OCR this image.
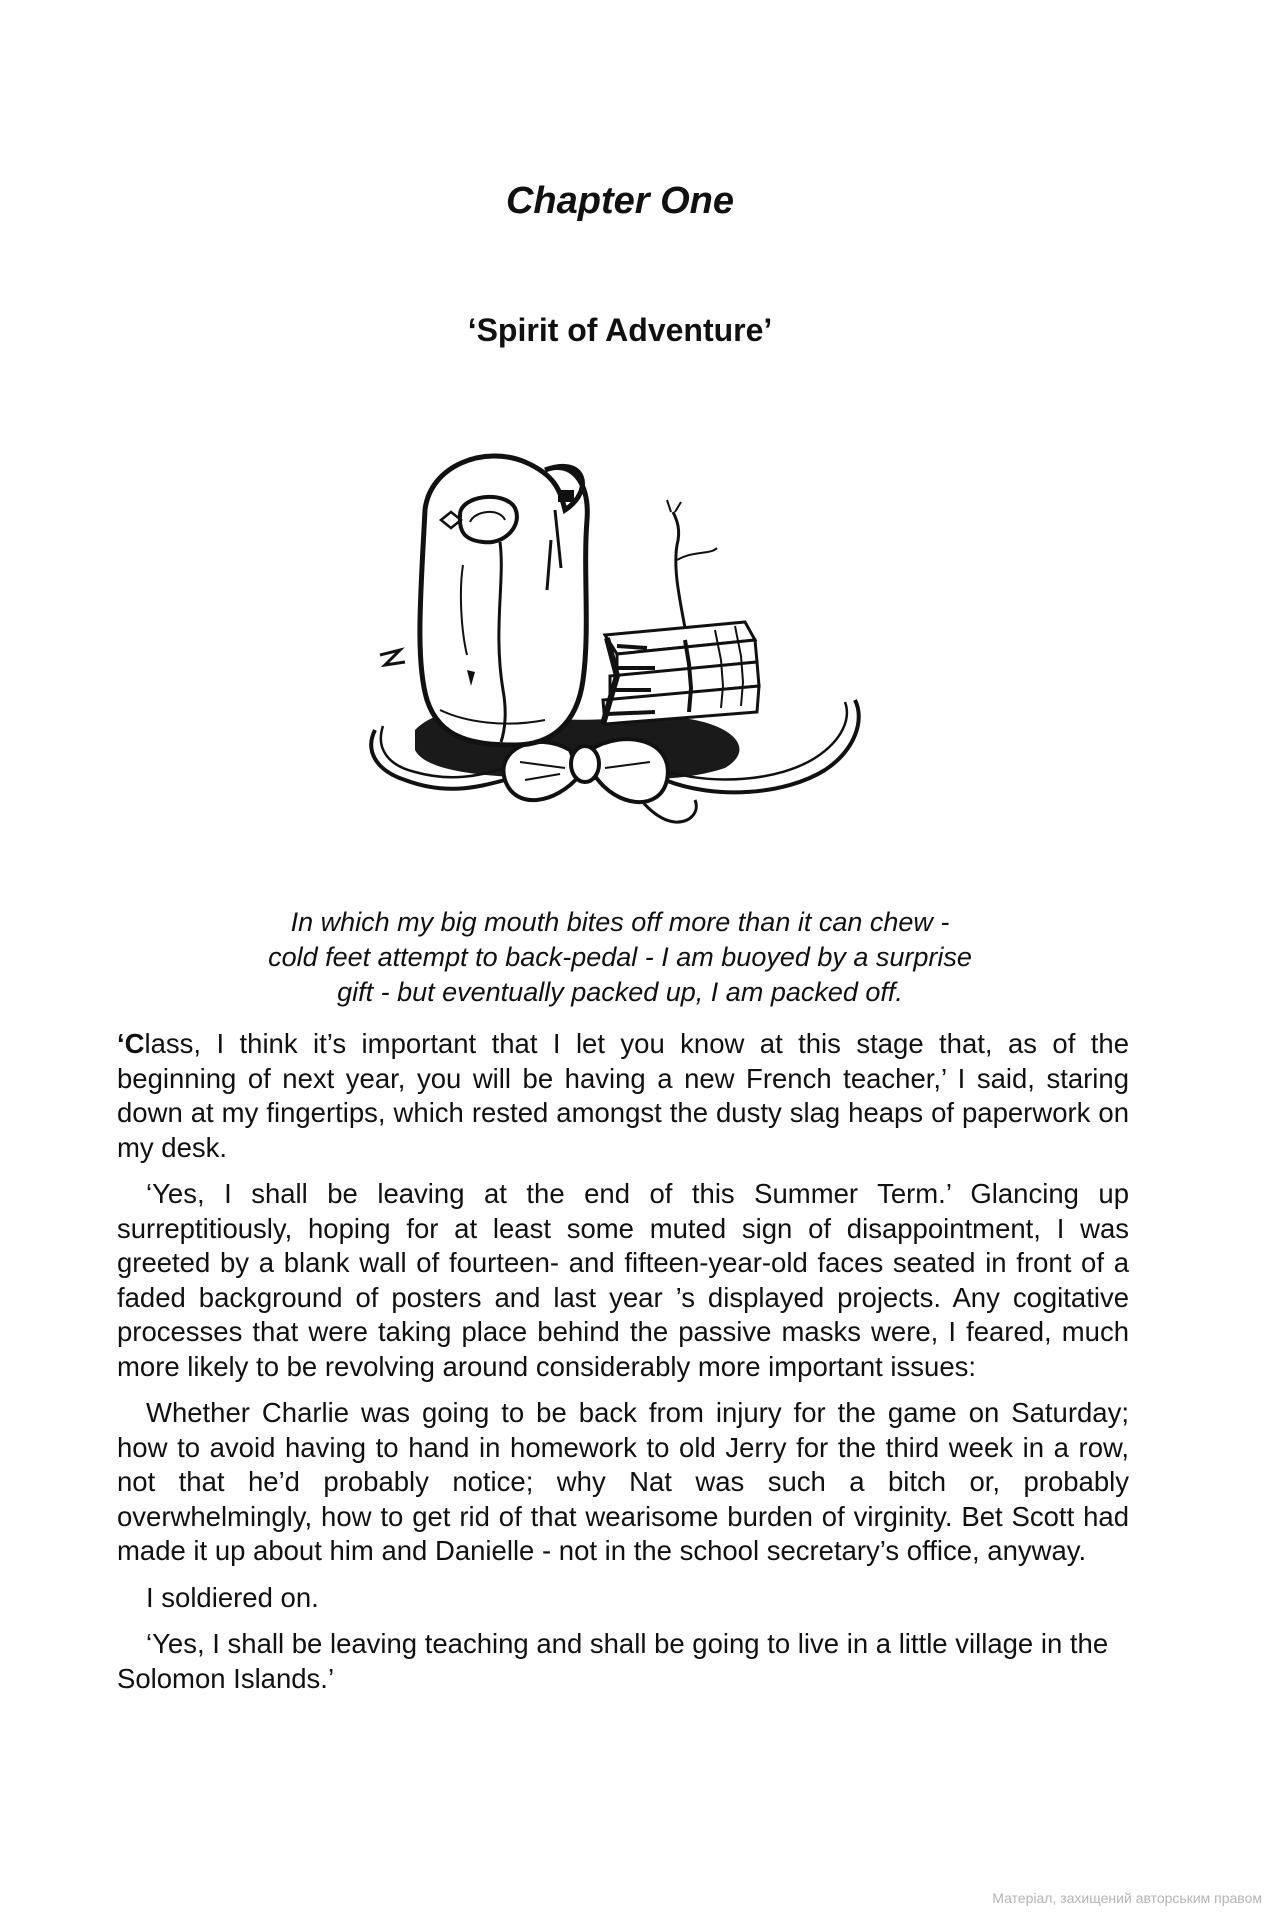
Chapter One
‘Spirit of Adventure’
In which my big mouth bites off more than it can chew -
cold feet attempt to back-pedal - I am buoyed by a surprise
gift - but eventually packed up, I am packed off.

‘Class, I think it’s important that I let you know at this stage that, as of the beginning of next year, you will be having a new French teacher,’ I said, staring down at my fingertips, which rested amongst the dusty slag heaps of paperwork on my desk.

‘Yes, I shall be leaving at the end of this Summer Term.’ Glancing up surreptitiously, hoping for at least some muted sign of disappointment, I was greeted by a blank wall of fourteen- and fifteen-year-old faces seated in front of a faded background of posters and last year ’s displayed projects. Any cogitative processes that were taking place behind the passive masks were, I feared, much more likely to be revolving around considerably more important issues:

Whether Charlie was going to be back from injury for the game on Saturday; how to avoid having to hand in homework to old Jerry for the third week in a row, not that he’d probably notice; why Nat was such a bitch or, probably overwhelmingly, how to get rid of that wearisome burden of virginity. Bet Scott had made it up about him and Danielle - not in the school secretary’s office, anyway.

I soldiered on.

‘Yes, I shall be leaving teaching and shall be going to live in a little village in the Solomon Islands.’

Матеріал, захищений авторським правом
